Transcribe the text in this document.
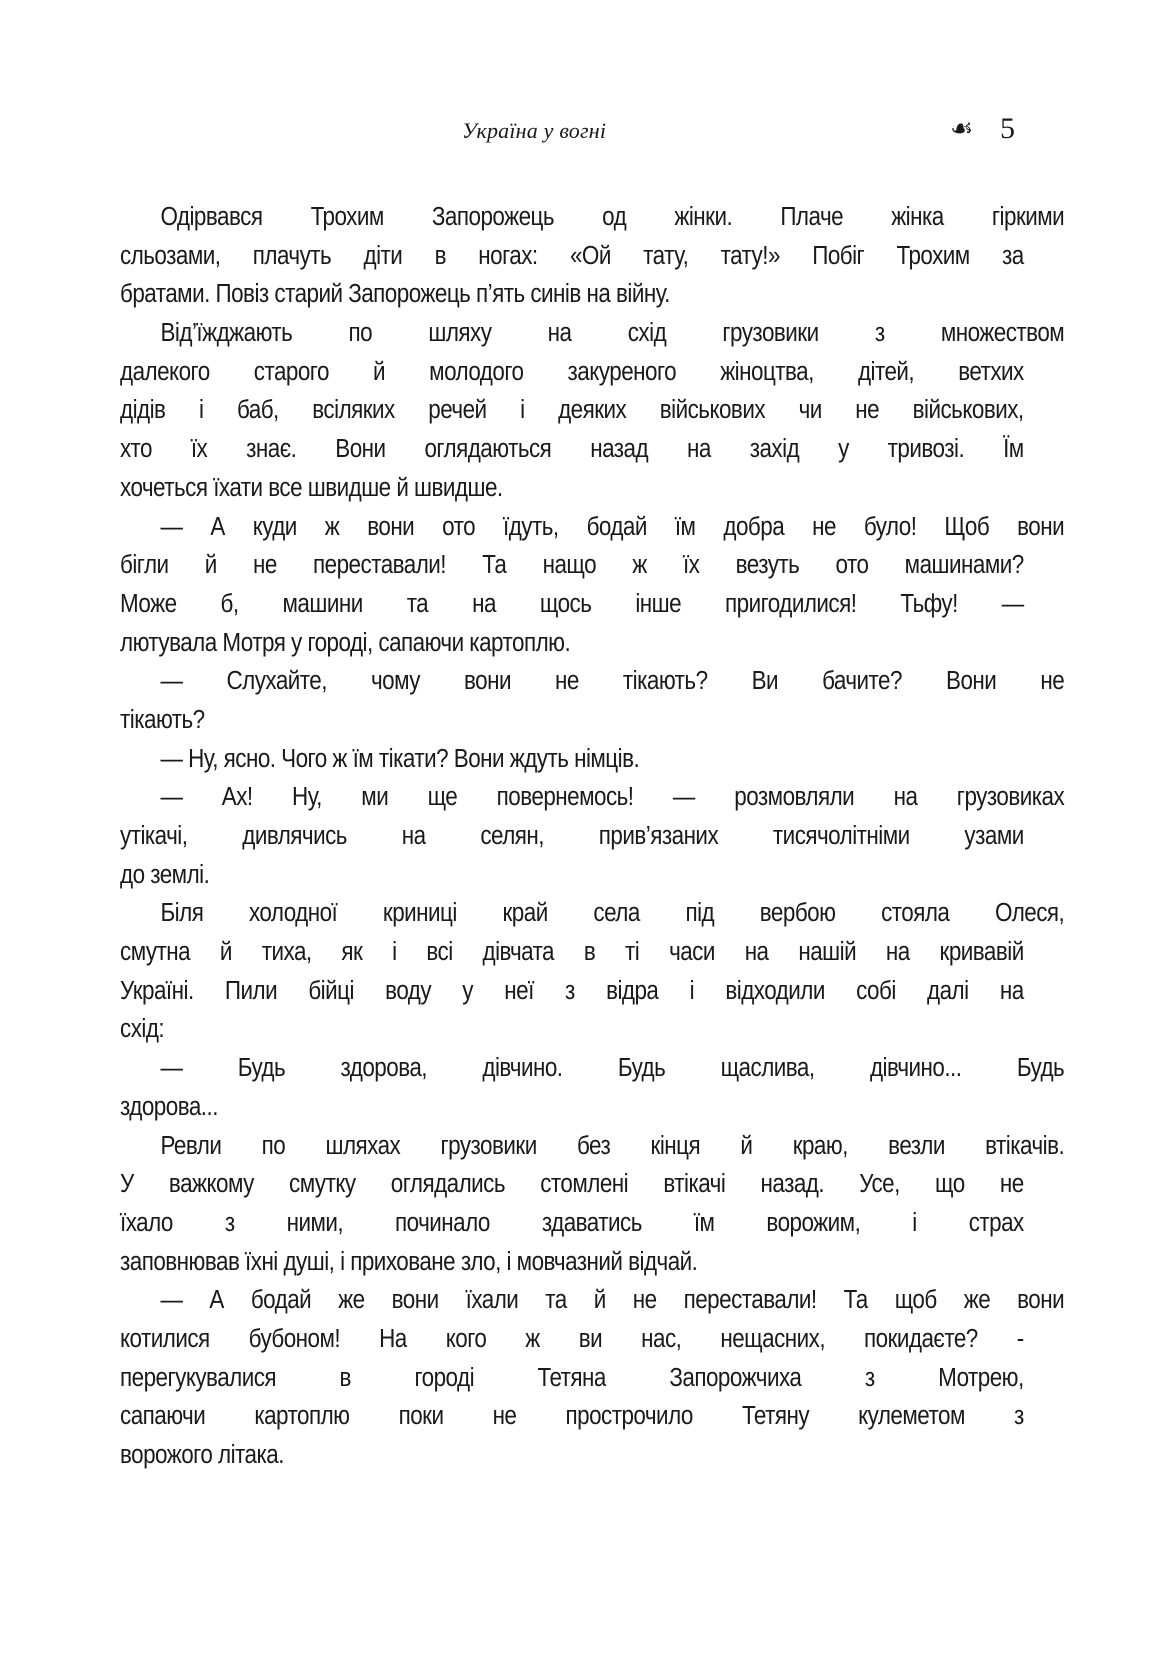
Україна у вогні	☙ 5
Одірвався Трохим Запорожець од жінки. Плаче жінка гіркими
сльозами, плачуть діти в ногах: «Ой тату, тату!» Побіг Трохим за
братами. Повіз старий Запорожець п’ять синів на війну.
Від’їжджають по шляху на схід грузовики з множеством
далекого старого й молодого закуреного жіноцтва, дітей, ветхих
дідів і баб, всіляких речей і деяких військових чи не військових,
хто їх знає. Вони оглядаються назад на захід у тривозі. Їм
хочеться їхати все швидше й швидше.
— А куди ж вони ото їдуть, бодай їм добра не було! Щоб вони
бігли й не переставали! Та нащо ж їх везуть ото машинами?
Може б, машини та на щось інше пригодилися! Тьфу! —
лютувала Мотря у городі, сапаючи картоплю.
— Слухайте, чому вони не тікають? Ви бачите? Вони не
тікають?
— Ну, ясно. Чого ж їм тікати? Вони ждуть німців.
— Ах! Ну, ми ще повернемось! — розмовляли на грузовиках
утікачі, дивлячись на селян, прив’язаних тисячолітніми узами
до землі.
Біля холодної криниці край села під вербою стояла Олеся,
смутна й тиха, як і всі дівчата в ті часи на нашій на кривавій
Україні. Пили бійці воду у неї з відра і відходили собі далі на
схід:
— Будь здорова, дівчино. Будь щаслива, дівчино... Будь
здорова...
Ревли по шляхах грузовики без кінця й краю, везли втікачів.
У важкому смутку оглядались стомлені втікачі назад. Усе, що не
їхало з ними, починало здаватись їм ворожим, і страх
заповнював їхні душі, і приховане зло, і мовчазний відчай.
— А бодай же вони їхали та й не переставали! Та щоб же вони
котилися бубоном! На кого ж ви нас, нещасних, покидаєте? -
перегукувалися в городі Тетяна Запорожчиха з Мотрею,
сапаючи картоплю поки не прострочило Тетяну кулеметом з
ворожого літака.
